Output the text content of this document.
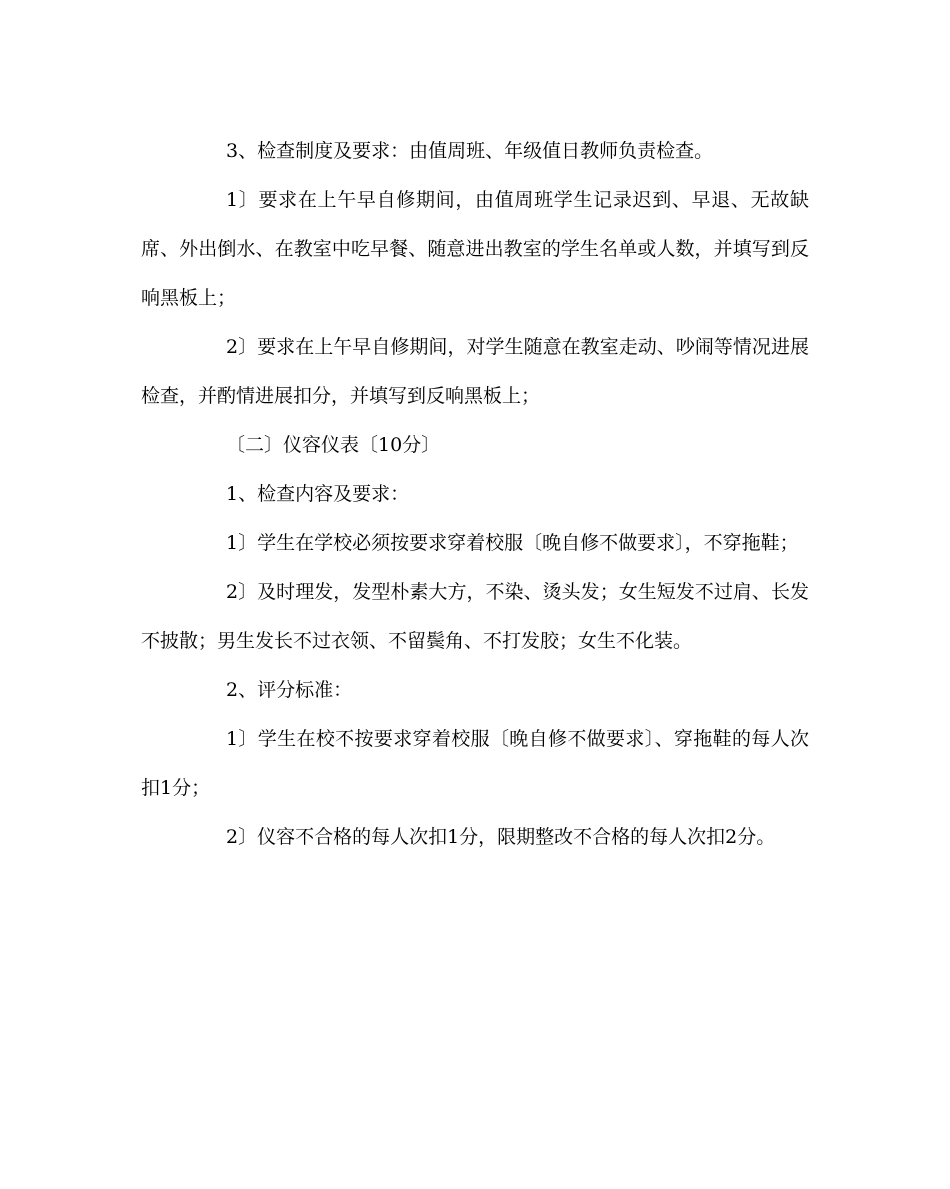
3、检查制度及要求：由值周班、年级值日教师负责检查。

1〕要求在上午早自修期间，由值周班学生记录迟到、早退、无故缺席、外出倒水、在教室中吃早餐、随意进出教室的学生名单或人数，并填写到反响黑板上；

2〕要求在上午早自修期间，对学生随意在教室走动、吵闹等情况进展检查，并酌情进展扣分，并填写到反响黑板上；

〔二〕仪容仪表〔10分〕

1、检查内容及要求：

1〕学生在学校必须按要求穿着校服〔晚自修不做要求〕，不穿拖鞋；

2〕及时理发，发型朴素大方，不染、烫头发；女生短发不过肩、长发不披散；男生发长不过衣领、不留鬓角、不打发胶；女生不化装。

2、评分标准：

1〕学生在校不按要求穿着校服〔晚自修不做要求〕、穿拖鞋的每人次扣1分；

2〕仪容不合格的每人次扣1分，限期整改不合格的每人次扣2分。
